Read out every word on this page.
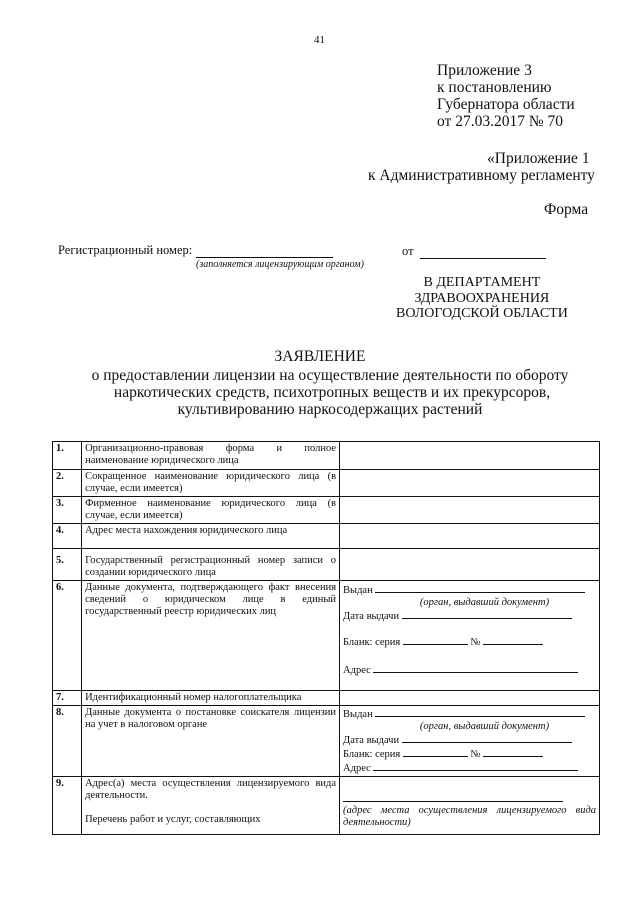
41
Приложение 3
к постановлению
Губернатора области
от 27.03.2017 № 70
«Приложение 1
к Административному регламенту
Форма
Регистрационный номер:
(заполняется лицензирующим органом)
от
В ДЕПАРТАМЕНТ
ЗДРАВООХРАНЕНИЯ
ВОЛОГОДСКОЙ ОБЛАСТИ
ЗАЯВЛЕНИЕ
о предоставлении лицензии на осуществление деятельности по обороту
наркотических средств, психотропных веществ и их прекурсоров,
культивированию наркосодержащих растений
1.	Организационно-правовая форма и полное наименование юридического лица	
2.	Сокращенное наименование юридического лица (в случае, если имеется)	
3.	Фирменное наименование юридического лица (в случае, если имеется)	
4.	Адрес места нахождения юридического лица	
5.	Государственный регистрационный номер записи о создании юридического лица	
6.	Данные документа, подтверждающего факт внесения сведений о юридическом лице в единый государственный реестр юридических лиц	Выдан
(орган, выдавший документ)
Дата выдачи
Бланк: серия №
Адрес

7.	Идентификационный номер налогоплательщика	
8.	Данные документа о постановке соискателя лицензии на учет в налоговом органе	Выдан
(орган, выдавший документ)
Дата выдачи
Бланк: серия №
Адрес

9.	Адрес(а) места осуществления лицензируемого вида деятельности.
Перечень работ и услуг, составляющих	(адрес места осуществления лицензируемого вида деятельности)
